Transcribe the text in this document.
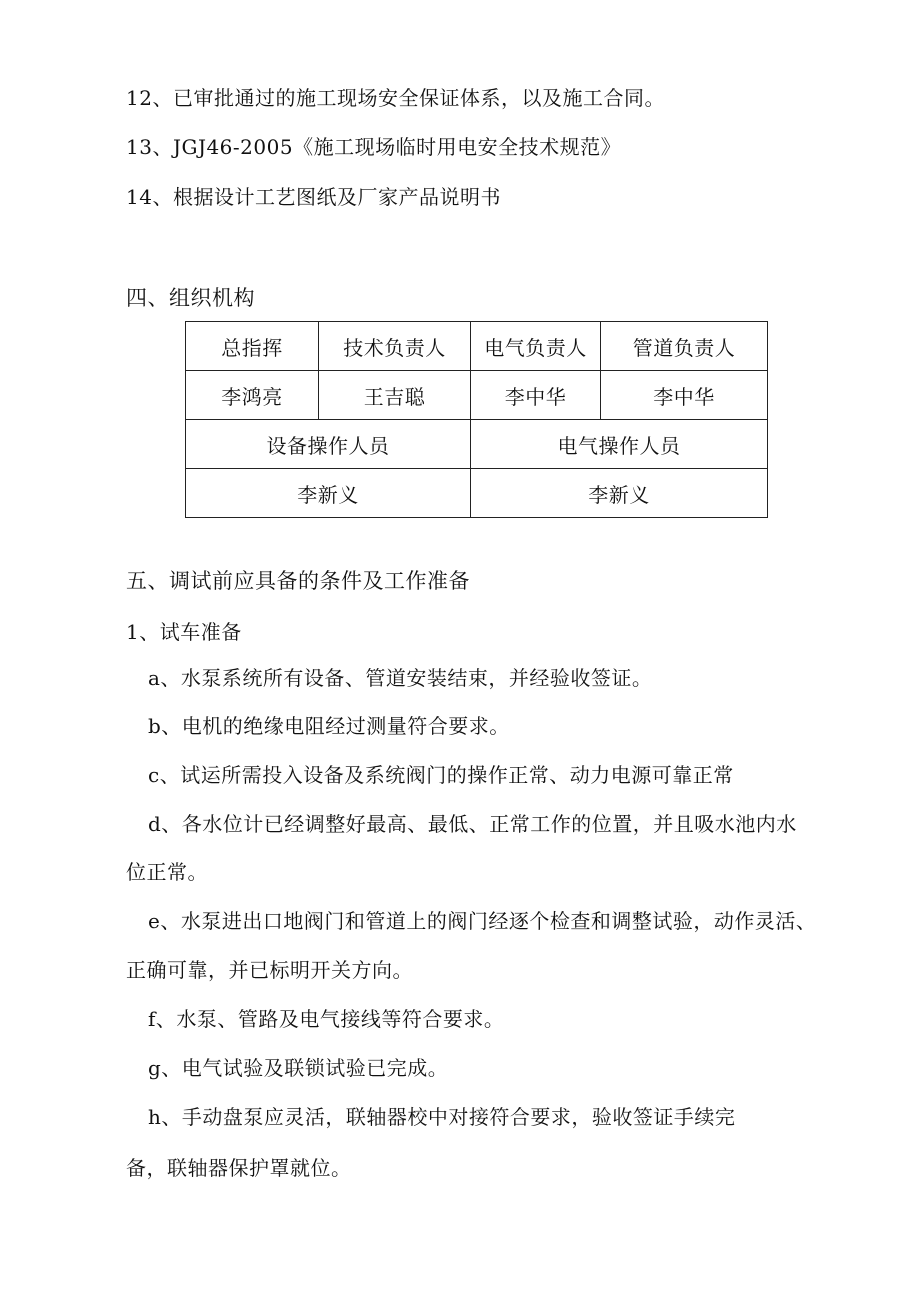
12、已审批通过的施工现场安全保证体系，以及施工合同。
13、JGJ46-2005《施工现场临时用电安全技术规范》
14、根据设计工艺图纸及厂家产品说明书
四、组织机构
总指挥	技术负责人	电气负责人	管道负责人
李鸿亮	王吉聪	李中华	李中华
设备操作人员		电气操作人员	
李新义		李新义	
五、调试前应具备的条件及工作准备
1、试车准备
a、水泵系统所有设备、管道安装结束，并经验收签证。
b、电机的绝缘电阻经过测量符合要求。
c、试运所需投入设备及系统阀门的操作正常、动力电源可靠正常
d、各水位计已经调整好最高、最低、正常工作的位置，并且吸水池内水
位正常。
e、水泵进出口地阀门和管道上的阀门经逐个检查和调整试验，动作灵活、
正确可靠，并已标明开关方向。
f、水泵、管路及电气接线等符合要求。
g、电气试验及联锁试验已完成。
h、手动盘泵应灵活，联轴器校中对接符合要求，验收签证手续完
备，联轴器保护罩就位。
